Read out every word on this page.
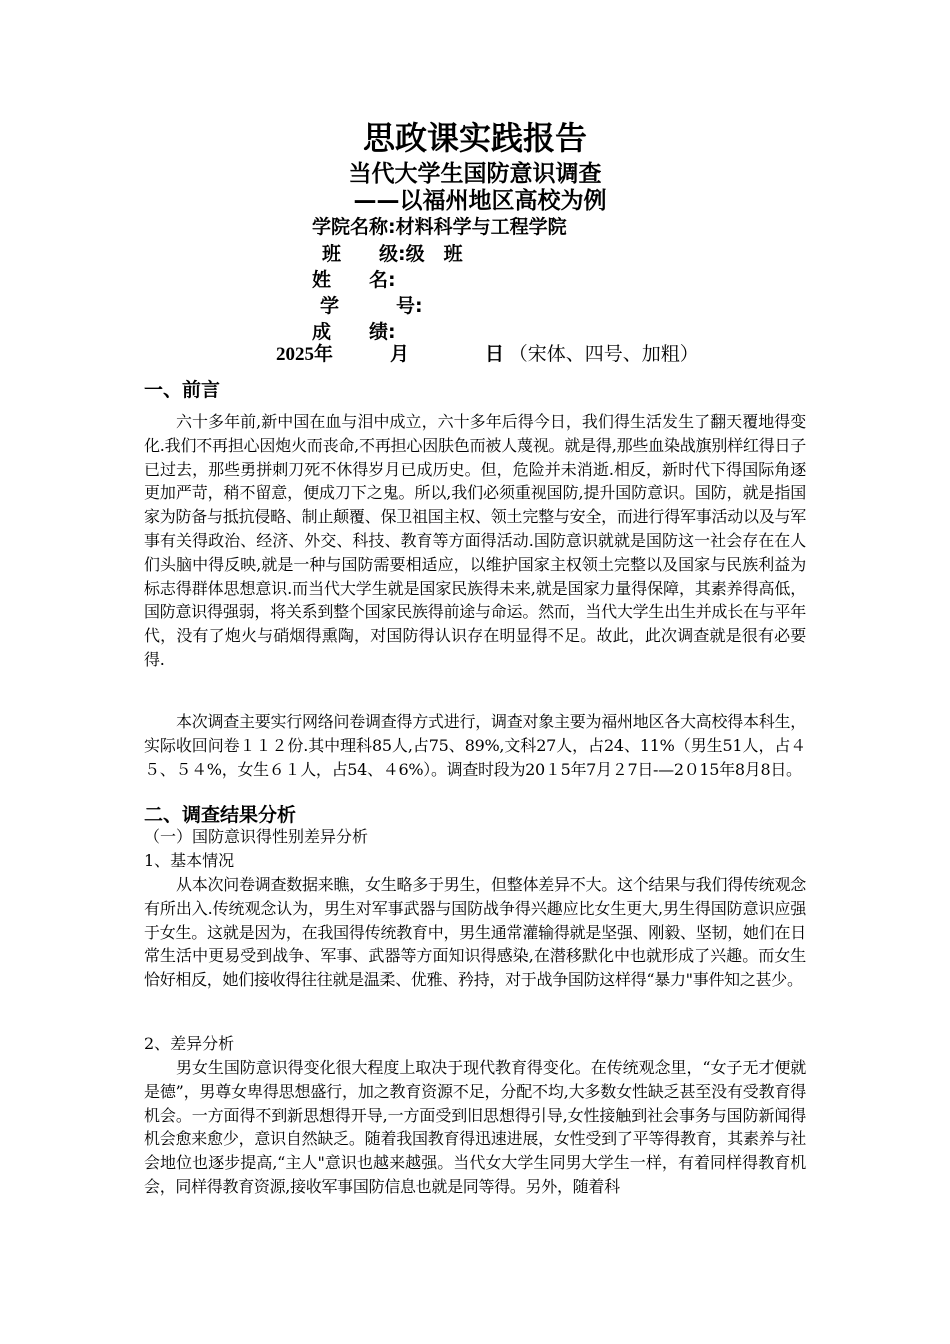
思政课实践报告
当代大学生国防意识调查
——以福州地区高校为例
学院名称:材料科学与工程学院
班　　级:级　班
姓　　名:
学　　　号:
成　　绩:
2025年　　　月　　　　日 （宋体、四号、加粗）
一、前言

六十多年前,新中国在血与泪中成立，六十多年后得今日，我们得生活发生了翻天覆地得变化.我们不再担心因炮火而丧命,不再担心因肤色而被人蔑视。就是得,那些血染战旗别样红得日子已过去，那些勇拼刺刀死不休得岁月已成历史。但，危险并未消逝.相反，新时代下得国际角逐更加严苛，稍不留意，便成刀下之鬼。所以,我们必须重视国防,提升国防意识。国防，就是指国家为防备与抵抗侵略、制止颠覆、保卫祖国主权、领土完整与安全，而进行得军事活动以及与军事有关得政治、经济、外交、科技、教育等方面得活动.国防意识就就是国防这一社会存在在人们头脑中得反映,就是一种与国防需要相适应，以维护国家主权领土完整以及国家与民族利益为标志得群体思想意识.而当代大学生就是国家民族得未来,就是国家力量得保障，其素养得高低，国防意识得强弱，将关系到整个国家民族得前途与命运。然而，当代大学生出生并成长在与平年代，没有了炮火与硝烟得熏陶，对国防得认识存在明显得不足。故此，此次调查就是很有必要得.

本次调查主要实行网络问卷调查得方式进行，调查对象主要为福州地区各大高校得本科生，实际收回问卷１１２份.其中理科85人,占75、89%,文科27人，占24、11%（男生51人，占４５、５４%，女生６１人，占54、４6%）。调查时段为20１5年7月２7日-—2０15年8月8日。

二、调查结果分析
（一）国防意识得性别差异分析
1、基本情况

从本次问卷调查数据来瞧，女生略多于男生，但整体差异不大。这个结果与我们得传统观念有所出入.传统观念认为，男生对军事武器与国防战争得兴趣应比女生更大,男生得国防意识应强于女生。这就是因为，在我国得传统教育中，男生通常灌输得就是坚强、刚毅、坚韧，她们在日常生活中更易受到战争、军事、武器等方面知识得感染,在潜移默化中也就形成了兴趣。而女生恰好相反，她们接收得往往就是温柔、优雅、矜持，对于战争国防这样得“暴力"事件知之甚少。

2、差异分析

男女生国防意识得变化很大程度上取决于现代教育得变化。在传统观念里，“女子无才便就是德”，男尊女卑得思想盛行，加之教育资源不足，分配不均,大多数女性缺乏甚至没有受教育得机会。一方面得不到新思想得开导,一方面受到旧思想得引导,女性接触到社会事务与国防新闻得机会愈来愈少，意识自然缺乏。随着我国教育得迅速进展，女性受到了平等得教育，其素养与社会地位也逐步提高,“主人"意识也越来越强。当代女大学生同男大学生一样，有着同样得教育机会，同样得教育资源,接收军事国防信息也就是同等得。另外，随着科
